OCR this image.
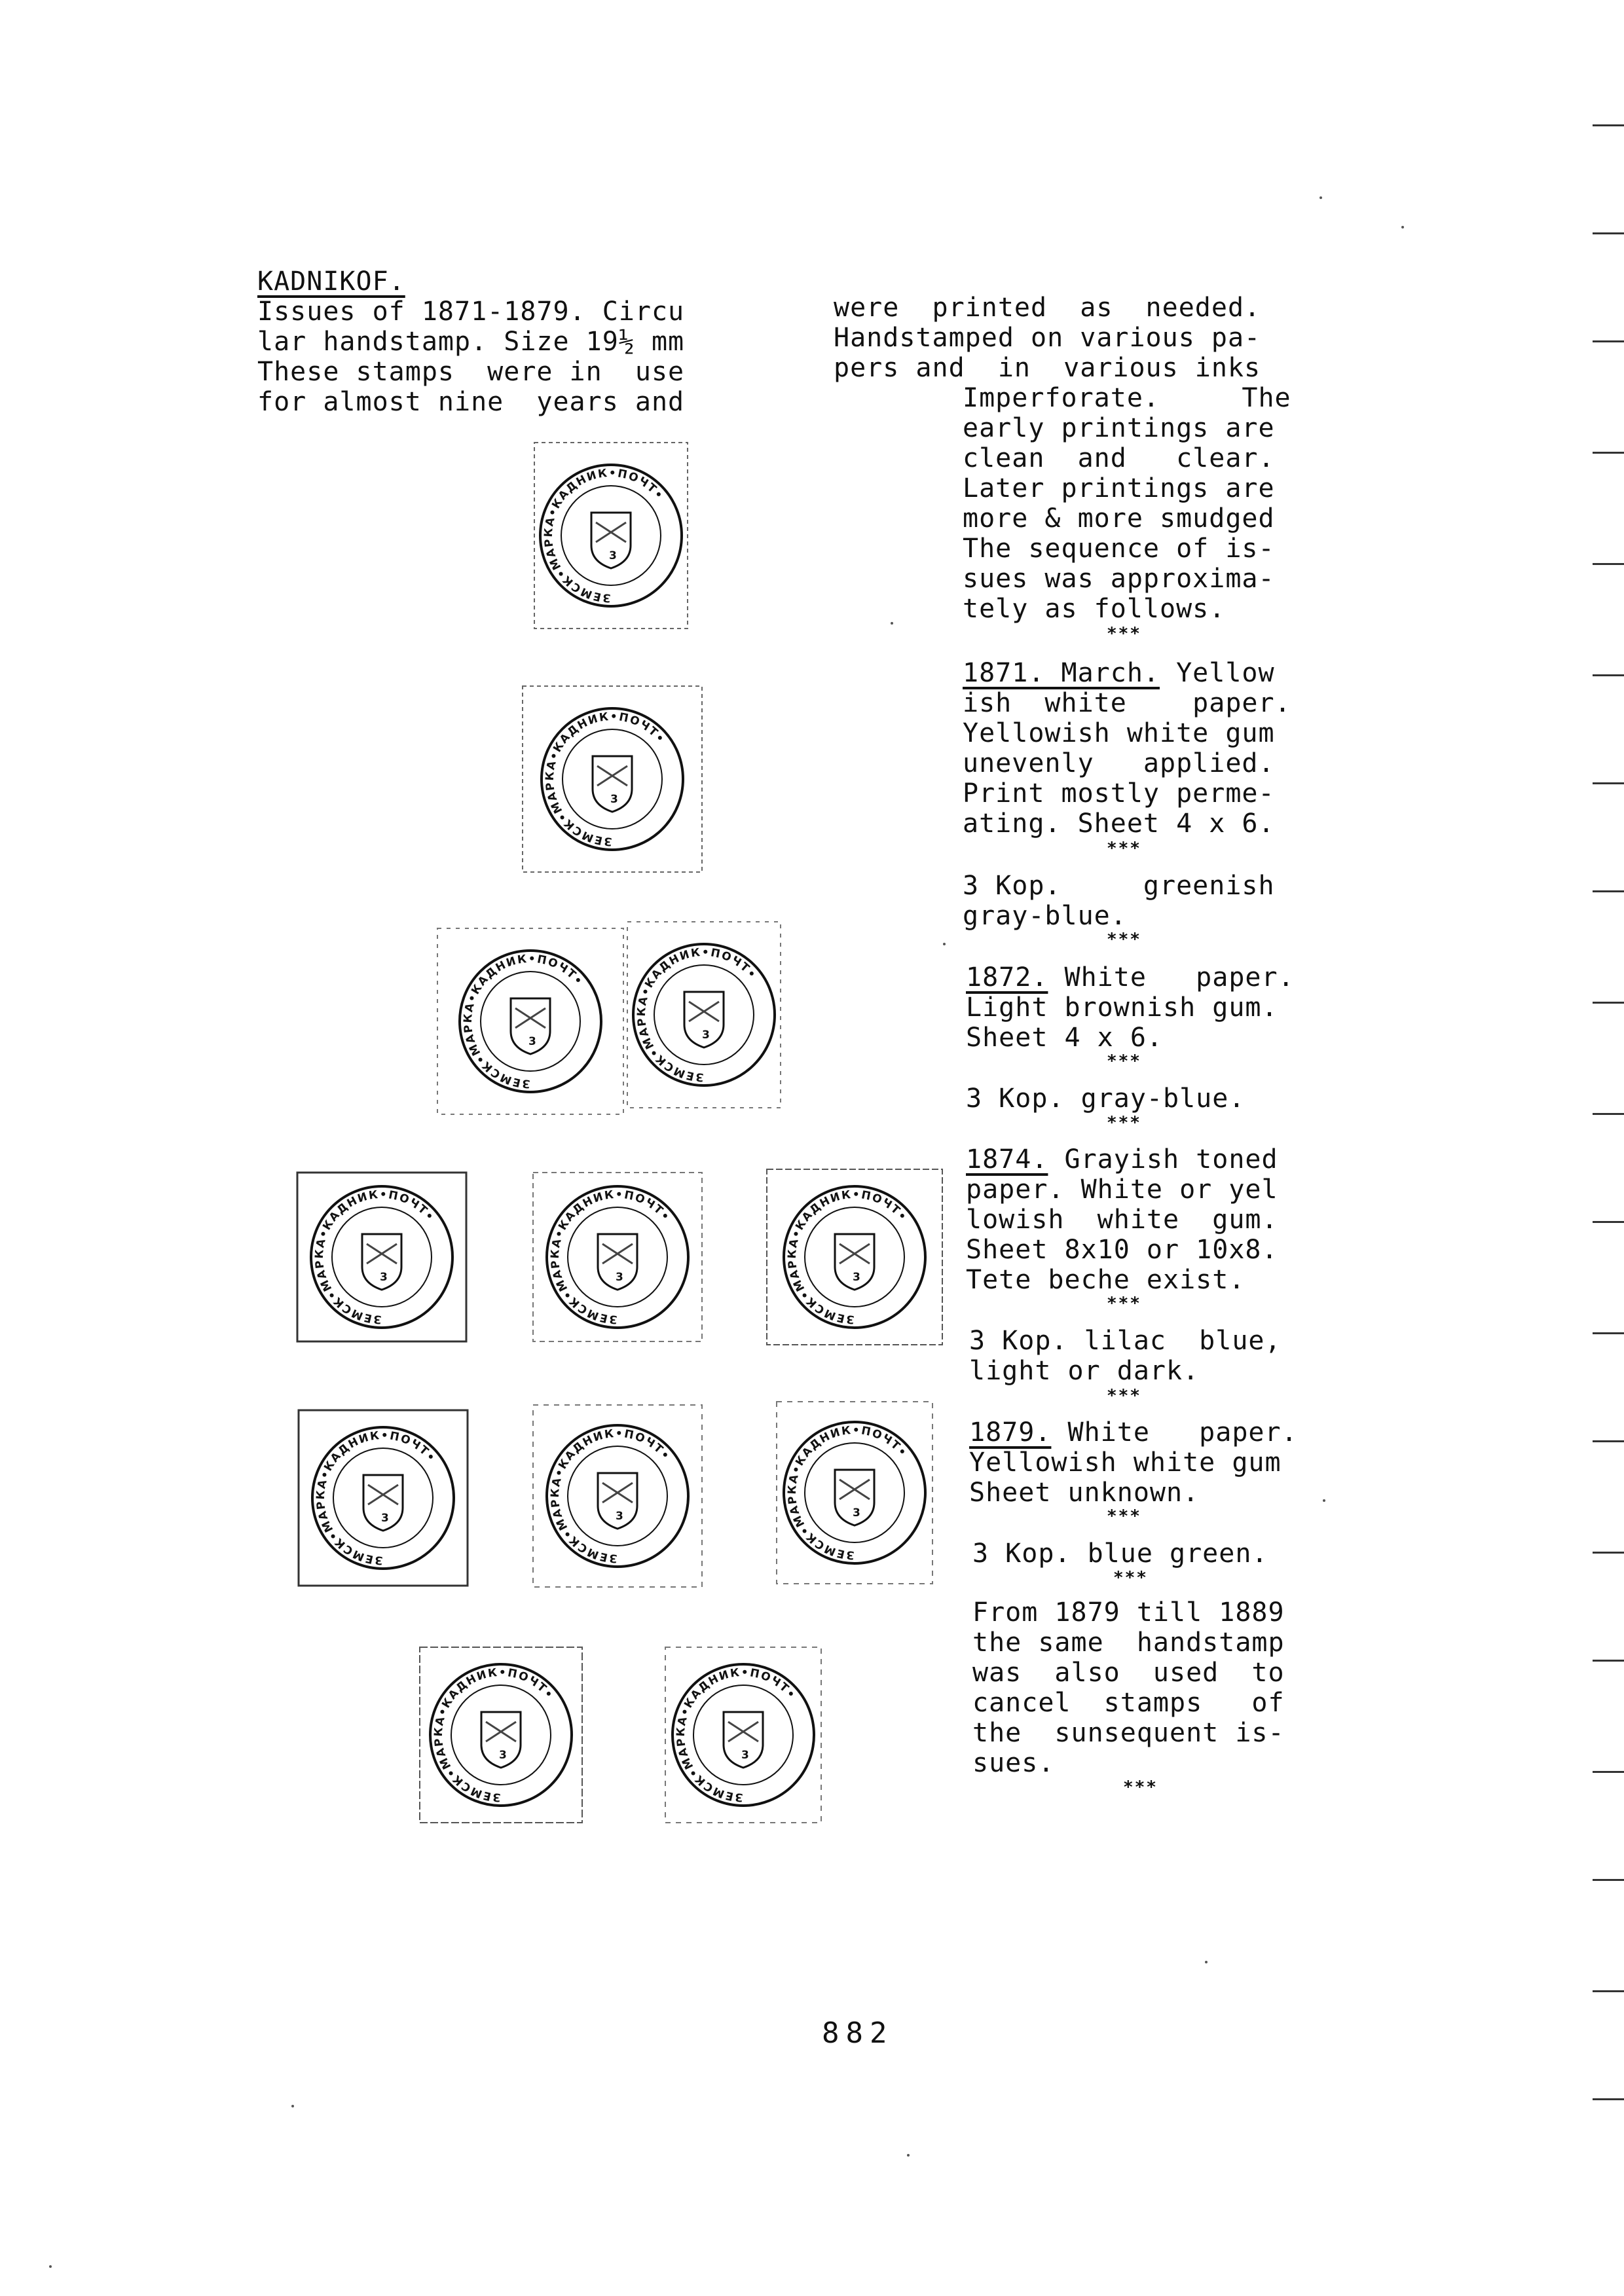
KADNIKOF.
Issues of 1871-1879. Circu
lar handstamp. Size 19½ mm
These stamps  were in  use
for almost nine  years and
were  printed  as  needed.
Handstamped on various pa-
pers and  in  various inks
Imperforate.     The
early printings are
clean  and   clear.
Later printings are
more & more smudged
The sequence of is-
sues was approxima-
tely as follows.
***
1871. March. Yellow
ish  white    paper.
Yellowish white gum
unevenly   applied.
Print mostly perme-
ating. Sheet 4 x 6.
***
3 Kop.     greenish
gray-blue.
***
1872. White   paper.
Light brownish gum.
Sheet 4 x 6.
***
3 Kop. gray-blue.
***
1874. Grayish toned
paper. White or yel
lowish  white  gum.
Sheet 8x10 or 10x8.
Tete beche exist.
***
3 Kop. lilac  blue,
light or dark.
***
1879. White   paper.
Yellowish white gum
Sheet unknown.
***
3 Kop. blue green.
***
From 1879 till 1889
the same  handstamp
was  also  used  to
cancel  stamps   of
the  sunsequent is-
sues.
***
3
ЗЕМСК•МАРКА•КАДНИК•ПОЧТ•
3
ЗЕМСК•МАРКА•КАДНИК•ПОЧТ•
3
ЗЕМСК•МАРКА•КАДНИК•ПОЧТ•
3
ЗЕМСК•МАРКА•КАДНИК•ПОЧТ•
3
ЗЕМСК•МАРКА•КАДНИК•ПОЧТ•
3
ЗЕМСК•МАРКА•КАДНИК•ПОЧТ•
3
ЗЕМСК•МАРКА•КАДНИК•ПОЧТ•
3
ЗЕМСК•МАРКА•КАДНИК•ПОЧТ•
3
ЗЕМСК•МАРКА•КАДНИК•ПОЧТ•
3
ЗЕМСК•МАРКА•КАДНИК•ПОЧТ•
3
ЗЕМСК•МАРКА•КАДНИК•ПОЧТ•
3
ЗЕМСК•МАРКА•КАДНИК•ПОЧТ•
882
